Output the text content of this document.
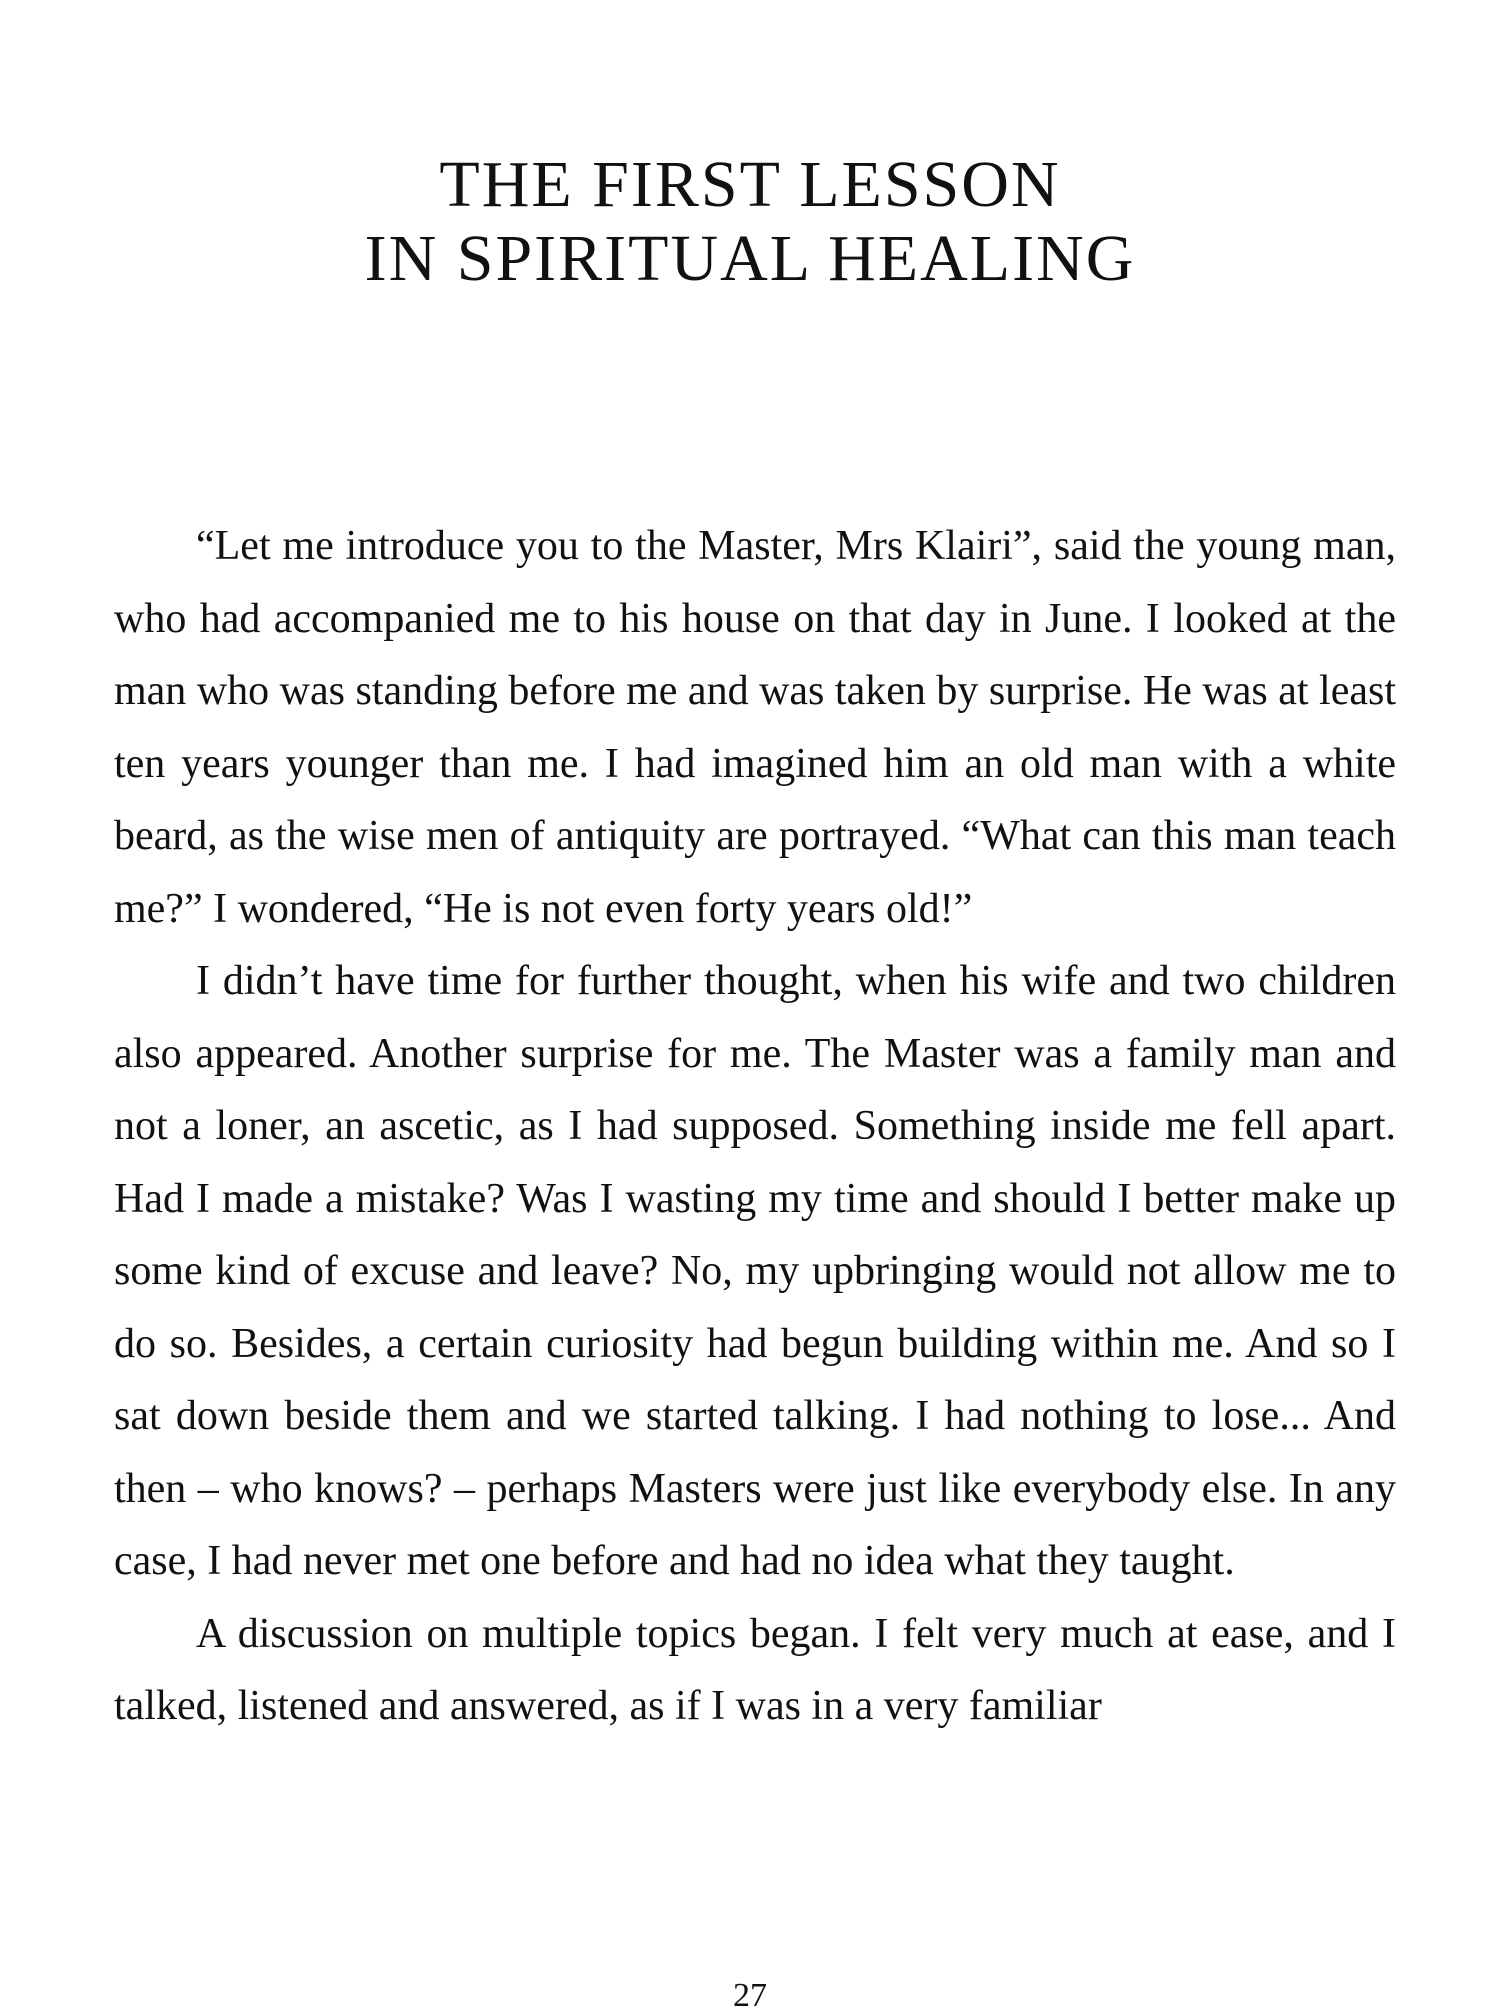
THE FIRST LESSON
IN SPIRITUAL HEALING

“Let me introduce you to the Master, Mrs Klairi”, said the young man, who had accompanied me to his house on that day in June. I looked at the man who was standing before me and was taken by surprise. He was at least ten years younger than me. I had imagined him an old man with a white beard, as the wise men of antiquity are portrayed. “What can this man teach me?” I wondered, “He is not even forty years old!”

I didn’t have time for further thought, when his wife and two children also appeared. Another surprise for me. The Master was a family man and not a loner, an ascetic, as I had supposed. Something inside me fell apart. Had I made a mistake? Was I wasting my time and should I better make up some kind of excuse and leave? No, my upbringing would not allow me to do so. Besides, a certain curiosity had begun building within me. And so I sat down beside them and we started talking. I had nothing to lose... And then – who knows? – perhaps Masters were just like everybody else. In any case, I had never met one before and had no idea what they taught.

A discussion on multiple topics began. I felt very much at ease, and I talked, listened and answered, as if I was in a very familiar

27
